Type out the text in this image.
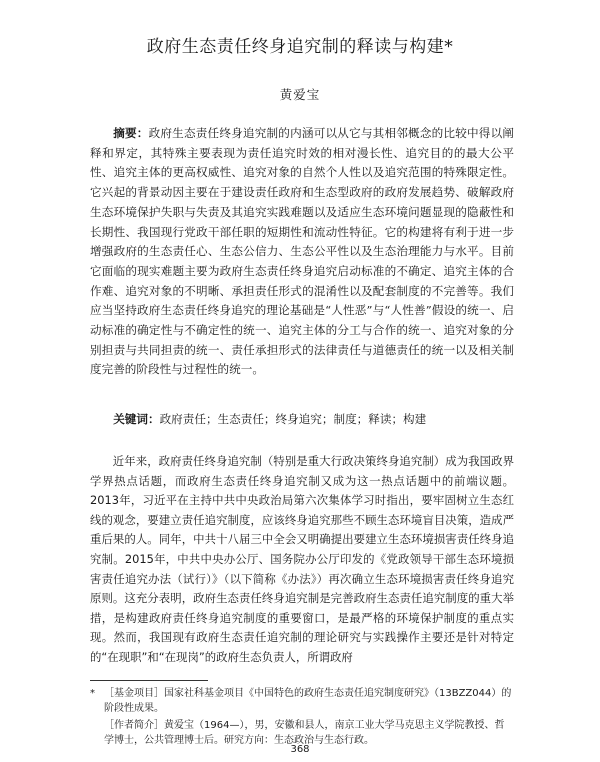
政府生态责任终身追究制的释读与构建*
黄爱宝

摘要：政府生态责任终身追究制的内涵可以从它与其相邻概念的比较中得以阐释和界定，其特殊主要表现为责任追究时效的相对漫长性、追究目的的最大公平性、追究主体的更高权威性、追究对象的自然个人性以及追究范围的特殊限定性。它兴起的背景动因主要在于建设责任政府和生态型政府的政府发展趋势、破解政府生态环境保护失职与失责及其追究实践难题以及适应生态环境问题显现的隐蔽性和长期性、我国现行党政干部任职的短期性和流动性特征。它的构建将有利于进一步增强政府的生态责任心、生态公信力、生态公平性以及生态治理能力与水平。目前它面临的现实难题主要为政府生态责任终身追究启动标准的不确定、追究主体的合作难、追究对象的不明晰、承担责任形式的混淆性以及配套制度的不完善等。我们应当坚持政府生态责任终身追究的理论基础是“人性恶”与“人性善”假设的统一、启动标准的确定性与不确定性的统一、追究主体的分工与合作的统一、追究对象的分别担责与共同担责的统一、责任承担形式的法律责任与道德责任的统一以及相关制度完善的阶段性与过程性的统一。

关键词：政府责任；生态责任；终身追究；制度；释读；构建

近年来，政府责任终身追究制（特别是重大行政决策终身追究制）成为我国政界学界热点话题，而政府生态责任终身追究制又成为这一热点话题中的前端议题。2013年，习近平在主持中共中央政治局第六次集体学习时指出，要牢固树立生态红线的观念，要建立责任追究制度，应该终身追究那些不顾生态环境盲目决策，造成严重后果的人。同年，中共十八届三中全会又明确提出要建立生态环境损害责任终身追究制。2015年，中共中央办公厅、国务院办公厅印发的《党政领导干部生态环境损害责任追究办法（试行）》（以下简称《办法》）再次确立生态环境损害责任终身追究原则。这充分表明，政府生态责任终身追究制是完善政府生态责任追究制度的重大举措，是构建政府责任终身追究制度的重要窗口，是最严格的环境保护制度的重点实现。然而，我国现有政府生态责任追究制的理论研究与实践操作主要还是针对特定的“在现职”和“在现岗”的政府生态负责人，所谓政府

* ［基金项目］国家社科基金项目《中国特色的政府生态责任追究制度研究》（13BZZ044）的阶段性成果。
［作者简介］黄爱宝（1964—），男，安徽和县人，南京工业大学马克思主义学院教授、哲学博士，公共管理博士后。研究方向：生态政治与生态行政。
368
